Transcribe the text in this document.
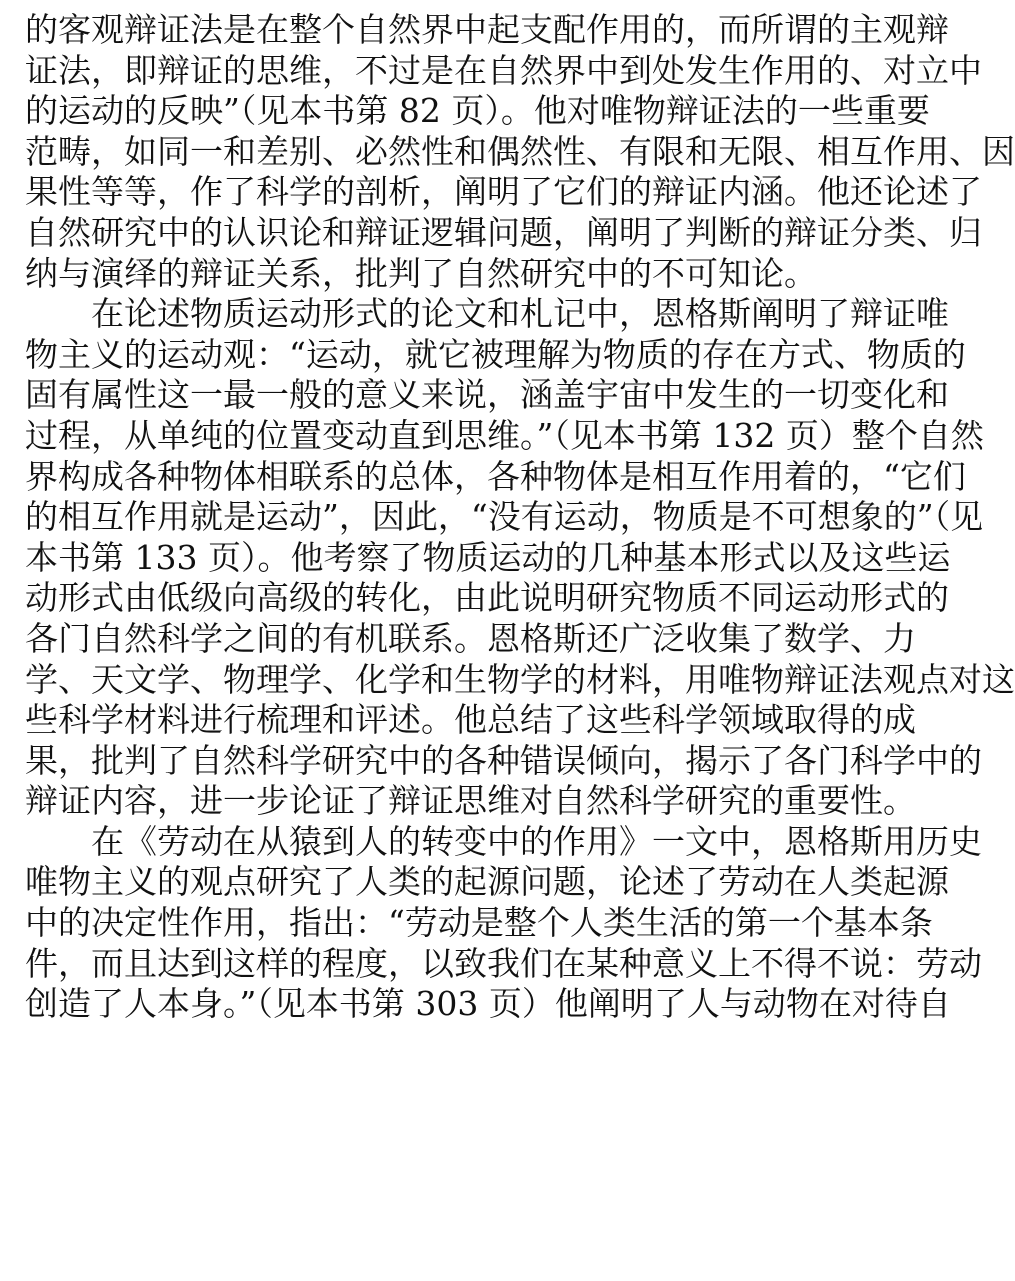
的客观辩证法是在整个自然界中起支配作用的，而所谓的主观辩
证法，即辩证的思维，不过是在自然界中到处发生作用的、对立中
的运动的反映”（见本书第 82 页）。他对唯物辩证法的一些重要
范畴，如同一和差别、必然性和偶然性、有限和无限、相互作用、因
果性等等，作了科学的剖析，阐明了它们的辩证内涵。他还论述了
自然研究中的认识论和辩证逻辑问题，阐明了判断的辩证分类、归
纳与演绎的辩证关系，批判了自然研究中的不可知论。
在论述物质运动形式的论文和札记中，恩格斯阐明了辩证唯
物主义的运动观：“运动，就它被理解为物质的存在方式、物质的
固有属性这一最一般的意义来说，涵盖宇宙中发生的一切变化和
过程，从单纯的位置变动直到思维。”（见本书第 132 页）整个自然
界构成各种物体相联系的总体，各种物体是相互作用着的，“它们
的相互作用就是运动”，因此，“没有运动，物质是不可想象的”（见
本书第 133 页）。他考察了物质运动的几种基本形式以及这些运
动形式由低级向高级的转化，由此说明研究物质不同运动形式的
各门自然科学之间的有机联系。恩格斯还广泛收集了数学、力
学、天文学、物理学、化学和生物学的材料，用唯物辩证法观点对这
些科学材料进行梳理和评述。他总结了这些科学领域取得的成
果，批判了自然科学研究中的各种错误倾向，揭示了各门科学中的
辩证内容，进一步论证了辩证思维对自然科学研究的重要性。
在《劳动在从猿到人的转变中的作用》一文中，恩格斯用历史
唯物主义的观点研究了人类的起源问题，论述了劳动在人类起源
中的决定性作用，指出：“劳动是整个人类生活的第一个基本条
件，而且达到这样的程度，以致我们在某种意义上不得不说：劳动
创造了人本身。”（见本书第 303 页）他阐明了人与动物在对待自
